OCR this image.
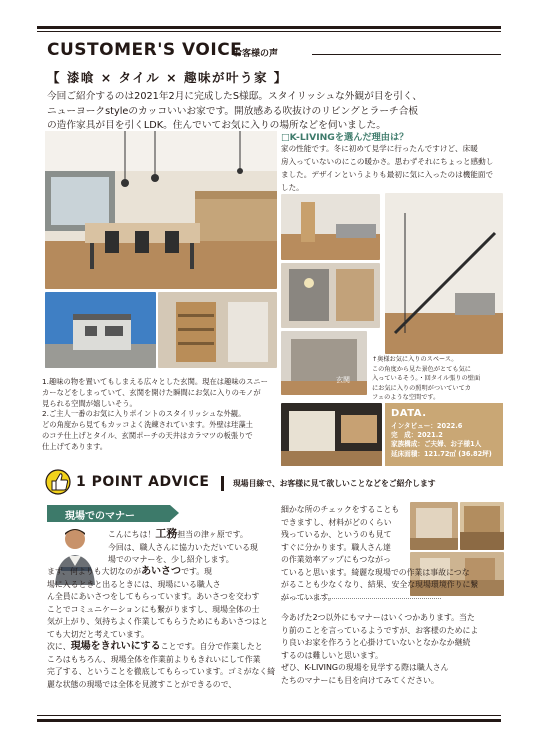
CUSTOMER'S VOICE
お客様の声
【 漆喰 × タイル × 趣味が叶う家 】

今回ご紹介するのは2021年2月に完成したS様邸。スタイリッシュな外観が目を引く、

ニューヨークstyleのカッコいいお家です。開放感ある吹抜けのリビングとラーチ合板

の造作家具が目を引くLDK。住んでいてお気に入りの場所などを伺いました。

□K-LIVINGを選んだ理由は？

家の性能です。冬に初めて見学に行ったんですけど、床暖

房入っていないのにこの暖かさ。思わずそれにちょっと感動し

ました。デザインというよりも最初に気に入ったのは機能面で

した。

↑奥様お気に入りのスペース。

この角度から見た景色がとても気に

入っているそう。・回タイル張りの壁面

にお気に入りの照明がついていてカ

フェのような空間です。

1.趣味の物を置いてもしまえる広々とした玄関。現在は趣味のスニー

カーなどをしまっていて、玄関を開けた瞬間にお気に入りのモノが

見られる空間が嬉しいそう。

2.ご主人一番のお気に入りポイントのスタイリッシュな外観。

どの角度から見てもカッコよく洗練されています。外壁は珪藻土

のコテ仕上げとタイル、玄関ポーチの天井はカラマツの板張りで

仕上げてあります。

玄関
DATA.

インタビュー：2022.6

完　成：2021.2

家族構成：ご夫婦、お子様1人

延床面積：121.72㎡ (36.82坪)

1 POINT ADVICE	現場目線で、お客様に見て欲しいことなどをご紹介します
現場でのマナー

こんにちは！工務担当の津ヶ原です。

今回は、職人さんに協力いただいている現

場でのマナーを、少し紹介します。

まず、何よりも大切なのがあいさつです。現

場に入るときと出るときには、現場にいる職人さ

ん全員にあいさつをしてもらっています。あいさつを交わす

ことでコミュニケーションにも繋がりますし、現場全体の士

気が上がり、気持ちよく作業してもらうためにもあいさつはと

ても大切だと考えています。

次に、現場をきれいにすることです。自分で作業したと

ころはもちろん、現場全体を作業前よりもきれいにして作業

完了する、ということを徹底してもらっています。ゴミがなく綺

麗な状態の現場では全体を見渡すことができるので、

細かな所のチェックをすることも

できますし、材料がどのくらい

残っているか、というのも見て

すぐに分かります。職人さん達

の作業効率アップにもつながっ

ていると思います。綺麗な現場での作業は事故につな

がることも少なくなり、結果、安全な現場環境作りに繋

がっています。

今あげた2つ以外にもマナーはいくつかあります。当た

り前のことを言っているようですが、お客様のためによ

り良いお家を作ろうと心掛けていないとなかなか継続

するのは難しいと思います。

ぜひ、K-LIVINGの現場を見学する際は職人さん

たちのマナーにも目を向けてみてください。
